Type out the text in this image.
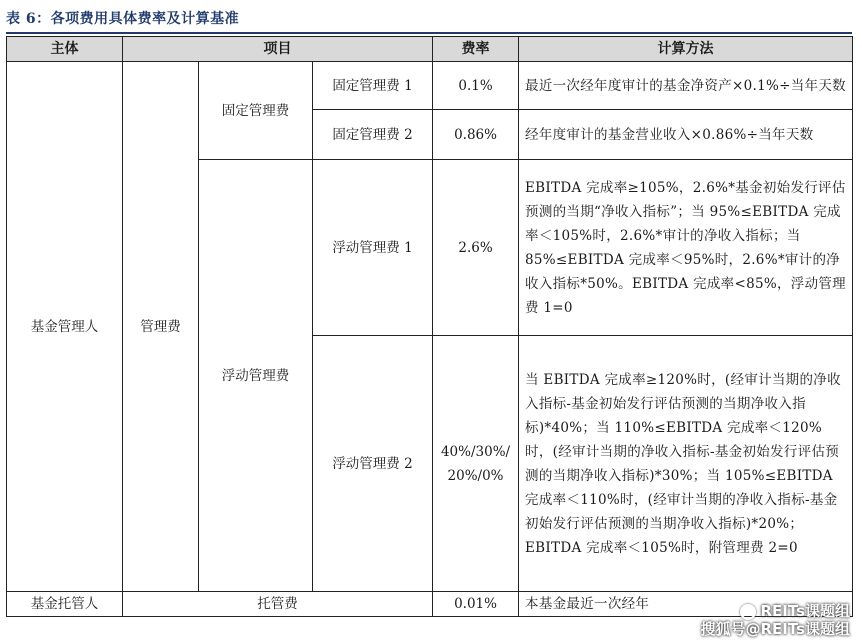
表 6：各项费用具体费率及计算基准
主体	项目			费率	计算方法
基金管理人	管理费	固定管理费	固定管理费 1	0.1%	最近一次经年度审计的基金净资产×0.1%÷当年天数
			固定管理费 2	0.86%	经年度审计的基金营业收入×0.86%÷当年天数
		浮动管理费	浮动管理费 1	2.6%	EBITDA 完成率≥105%，2.6%*基金初始发行评估预测的当期“净收入指标”；当 95%≤EBITDA 完成率＜105%时，2.6%*审计的净收入指标；当 85%≤EBITDA 完成率＜95%时，2.6%*审计的净收入指标*50%。EBITDA 完成率<85%，浮动管理费 1=0
			浮动管理费 2	40%/30%/20%/0%	当 EBITDA 完成率≥120%时，(经审计当期的净收入指标-基金初始发行评估预测的当期净收入指标)*40%；当 110%≤EBITDA 完成率＜120%时，(经审计当期的净收入指标-基金初始发行评估预测的当期净收入指标)*30%；当 105%≤EBITDA 完成率＜110%时，(经审计当期的净收入指标-基金初始发行评估预测的当期净收入指标)*20%；EBITDA 完成率＜105%时，附管理费 2=0
基金托管人	托管费			0.01%	本基金最近一次经年	REITs课题组
搜狐号@REITs课题组
